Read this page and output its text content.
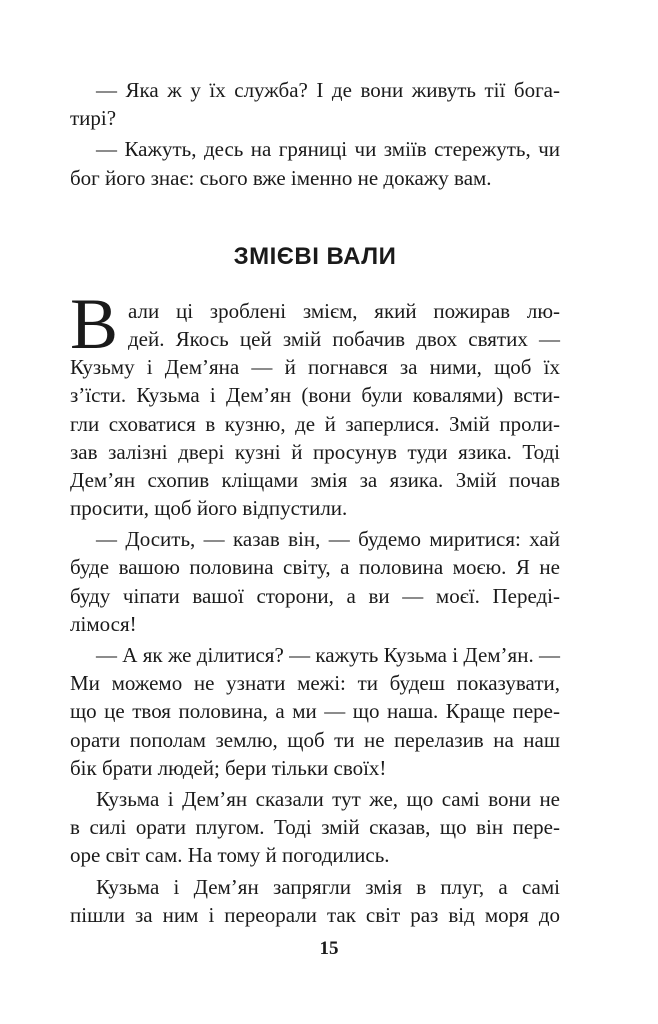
— Яка ж у їх служба? І де вони живуть тії бога-
тирі?
— Кажуть, десь на гряниці чи змiїв стережуть, чи
бог його знає: сього вже іменно не докажу вам.
ЗМІЄВІ ВАЛИ
В али ці зроблені змієм, який пожирав лю-
дей. Якось цей змій побачив двох святих —
Кузьму і Дем’яна — й погнався за ними, щоб їх
з’їсти. Кузьма і Дем’ян (вони були ковалями) всти-
гли сховатися в кузню, де й заперлися. Змій проли-
зав залізні двері кузні й просунув туди язика. Тоді
Дем’ян схопив кліщами змія за язика. Змій почав
просити, щоб його відпустили.
— Досить, — казав він, — будемо миритися: хай
буде вашою половина світу, а половина моєю. Я не
буду чіпати вашої сторони, а ви — моєї. Переді-
лімося!
— А як же ділитися? — кажуть Кузьма і Дем’ян. —
Ми можемо не узнати межі: ти будеш показувати,
що це твоя половина, а ми — що наша. Краще пере-
орати пополам землю, щоб ти не перелазив на наш
бік брати людей; бери тільки своїх!
Кузьма і Дем’ян сказали тут же, що самі вони не
в силі орати плугом. Тоді змій сказав, що він пере-
оре світ сам. На тому й погодились.
Кузьма і Дем’ян запрягли змія в плуг, а самі
пішли за ним і переорали так світ раз від моря до
15
